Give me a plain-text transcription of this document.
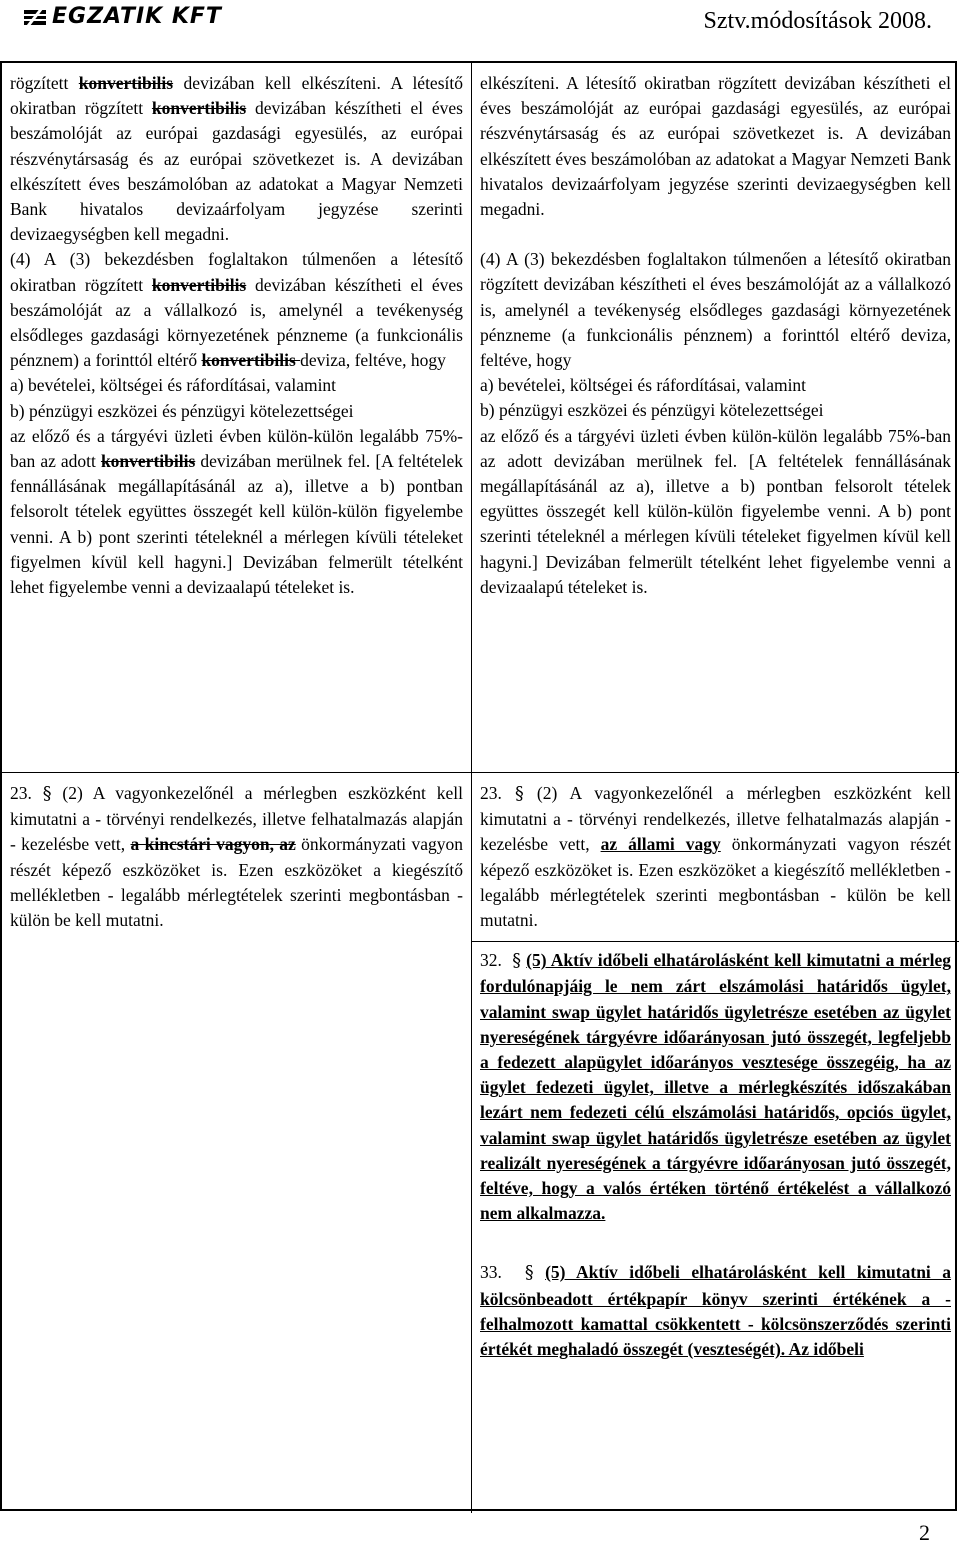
EGZATIK KFT	Sztv.módosítások 2008.

rögzített konvertibilis devizában kell elkészíteni. A létesítő okiratban rögzített konvertibilis devizában készítheti el éves beszámolóját az európai gazdasági egyesülés, az európai részvénytársaság és az európai szövetkezet is. A devizában elkészített éves beszámolóban az adatokat a Magyar Nemzeti Bank hivatalos devizaárfolyam jegyzése szerinti devizaegységben kell megadni.

(4) A (3) bekezdésben foglaltakon túlmenően a létesítő okiratban rögzített konvertibilis devizában készítheti el éves beszámolóját az a vállalkozó is, amelynél a tevékenység elsődleges gazdasági környezetének pénzneme (a funkcionális pénznem) a forinttól eltérő konvertibilis deviza, feltéve, hogy

a) bevételei, költségei és ráfordításai, valamint

b) pénzügyi eszközei és pénzügyi kötelezettségei

az előző és a tárgyévi üzleti évben külön-külön legalább 75%-ban az adott konvertibilis devizában merülnek fel. [A feltételek fennállásának megállapításánál az a), illetve a b) pontban felsorolt tételek együttes összegét kell külön-külön figyelembe venni. A b) pont szerinti tételeknél a mérlegen kívüli tételeket figyelmen kívül kell hagyni.] Devizában felmerült tételként lehet figyelembe venni a devizaalapú tételeket is.

elkészíteni. A létesítő okiratban rögzített devizában készítheti el éves beszámolóját az európai gazdasági egyesülés, az európai részvénytársaság és az európai szövetkezet is. A devizában elkészített éves beszámolóban az adatokat a Magyar Nemzeti Bank hivatalos devizaárfolyam jegyzése szerinti devizaegységben kell megadni.

(4) A (3) bekezdésben foglaltakon túlmenően a létesítő okiratban rögzített devizában készítheti el éves beszámolóját az a vállalkozó is, amelynél a tevékenység elsődleges gazdasági környezetének pénzneme (a funkcionális pénznem) a forinttól eltérő deviza, feltéve, hogy

a) bevételei, költségei és ráfordításai, valamint

b) pénzügyi eszközei és pénzügyi kötelezettségei

az előző és a tárgyévi üzleti évben külön-külön legalább 75%-ban az adott devizában merülnek fel. [A feltételek fennállásának megállapításánál az a), illetve a b) pontban felsorolt tételek együttes összegét kell külön-külön figyelembe venni. A b) pont szerinti tételeknél a mérlegen kívüli tételeket figyelmen kívül kell hagyni.] Devizában felmerült tételként lehet figyelembe venni a devizaalapú tételeket is.

23. § (2) A vagyonkezelőnél a mérlegben eszközként kell kimutatni a - törvényi rendelkezés, illetve felhatalmazás alapján - kezelésbe vett, a kincstári vagyon, az önkormányzati vagyon részét képező eszközöket is. Ezen eszközöket a kiegészítő mellékletben - legalább mérlegtételek szerinti megbontásban - külön be kell mutatni.

23. § (2) A vagyonkezelőnél a mérlegben eszközként kell kimutatni a - törvényi rendelkezés, illetve felhatalmazás alapján - kezelésbe vett, az állami vagy önkormányzati vagyon részét képező eszközöket is. Ezen eszközöket a kiegészítő mellékletben - legalább mérlegtételek szerinti megbontásban - külön be kell mutatni.

32. § (5) Aktív időbeli elhatárolásként kell kimutatni a mérleg fordulónapjáig le nem zárt elszámolási határidős ügylet, valamint swap ügylet határidős ügyletrésze esetében az ügylet nyereségének tárgyévre időarányosan jutó összegét, legfeljebb a fedezett alapügylet időarányos vesztesége összegéig, ha az ügylet fedezeti ügylet, illetve a mérlegkészítés időszakában lezárt nem fedezeti célú elszámolási határidős, opciós ügylet, valamint swap ügylet határidős ügyletrésze esetében az ügylet realizált nyereségének a tárgyévre időarányosan jutó összegét, feltéve, hogy a valós értéken történő értékelést a vállalkozó nem alkalmazza.

33. § (5) Aktív időbeli elhatárolásként kell kimutatni a kölcsönbeadott értékpapír könyv szerinti értékének a - felhalmozott kamattal csökkentett - kölcsönszerződés szerinti értékét meghaladó összegét (veszteségét). Az időbeli

2
